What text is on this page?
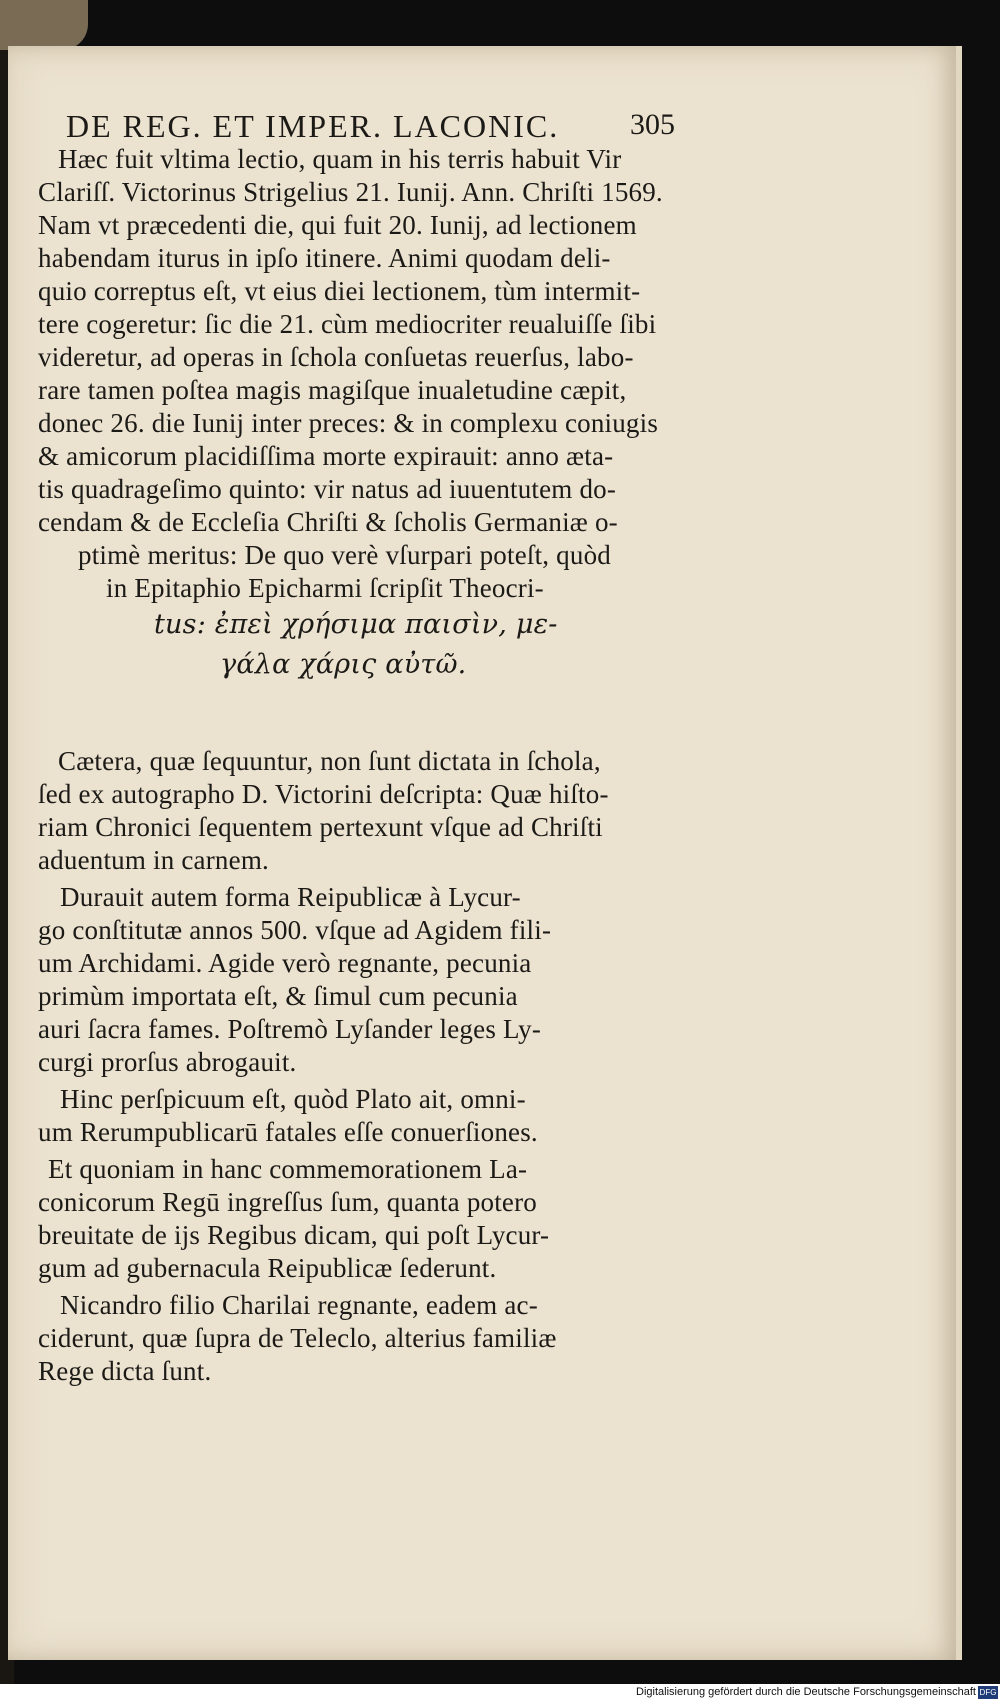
DE REG. ET IMPER. LACONIC. 305
Hæc fuit vltima lectio, quam in his terris habuit Vir
Clariſſ. Victorinus Strigelius 21. Iunij. Ann. Chriſti 1569.
Nam vt præcedenti die, qui fuit 20. Iunij, ad lectionem
habendam iturus in ipſo itinere. Animi quodam deli-
quio correptus eſt, vt eius diei lectionem, tùm intermit-
tere cogeretur: ſic die 21. cùm mediocriter reualuiſſe ſibi
videretur, ad operas in ſchola conſuetas reuerſus, labo-
rare tamen poſtea magis magiſque inualetudine cæpit,
donec 26. die Iunij inter preces: & in complexu coniugis
& amicorum placidiſſima morte expirauit: anno æta-
tis quadrageſimo quinto: vir natus ad iuuentutem do-
cendam & de Eccleſia Chriſti & ſcholis Germaniæ o-
ptimè meritus: De quo verè vſurpari poteſt, quòd
in Epitaphio Epicharmi ſcripſit Theocri-
tus: ἐπεὶ χρήσιμα παισὶν, με-
γάλα χάρις αὐτῶ.
Cætera, quæ ſequuntur, non ſunt dictata in ſchola,
ſed ex autographo D. Victorini deſcripta: Quæ hiſto-
riam Chronici ſequentem pertexunt vſque ad Chriſti
aduentum in carnem.
Durauit autem forma Reipublicæ à Lycur-
go conſtitutæ annos 500. vſque ad Agidem fili-
um Archidami. Agide verò regnante, pecunia
primùm importata eſt, & ſimul cum pecunia
auri ſacra fames. Poſtremò Lyſander leges Ly-
curgi prorſus abrogauit.
Hinc perſpicuum eſt, quòd Plato ait, omni-
um Rerumpublicarū fatales eſſe conuerſiones.
Et quoniam in hanc commemorationem La-
conicorum Regū ingreſſus ſum, quanta potero
breuitate de ijs Regibus dicam, qui poſt Lycur-
gum ad gubernacula Reipublicæ ſederunt.
Nicandro filio Charilai regnante, eadem ac-
ciderunt, quæ ſupra de Teleclo, alterius familiæ
Rege dicta ſunt.
Digitalisierung gefördert durch die Deutsche Forschungsgemeinschaft DFG
